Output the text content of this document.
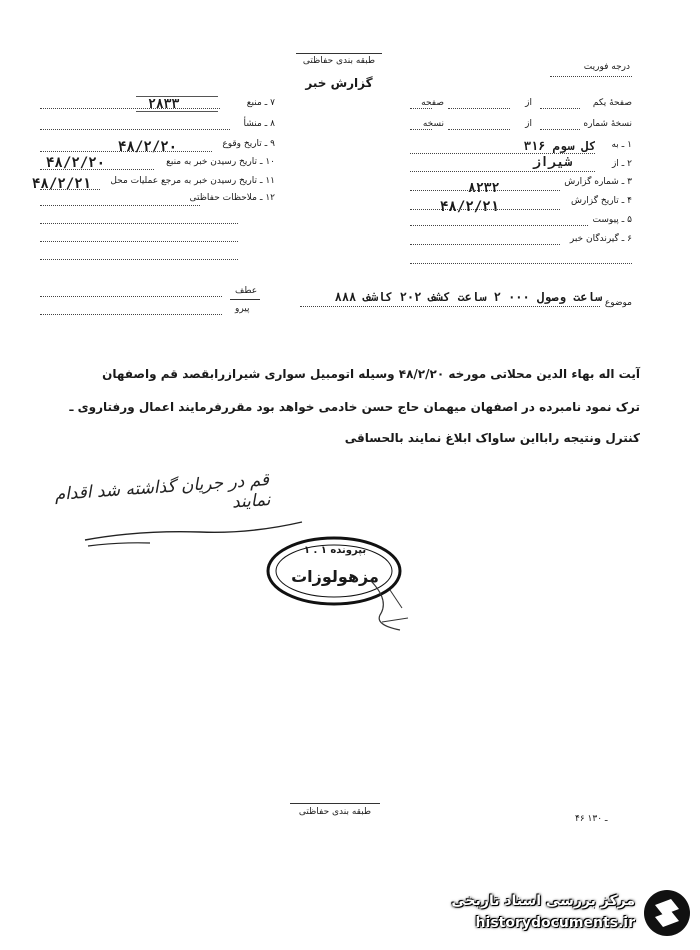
طبقه بندی حفاظتی
گزارش خبر
درجه فوریت
صفحهٔ یکم
از
صفحه
نسخهٔ شماره
از
نسخه
۱ ـ به
کل سوم ۳۱۶
۲ ـ از
شیراز
۳ ـ شماره گزارش
۸۲۳۲
۴ ـ تاریخ گزارش
۴۸/۲/۲۱
۵ ـ پیوست
۶ ـ گیرندگان خبر
۷ ـ منبع
۲۸۳۳
۸ ـ منشأ
۹ ـ تاریخ وقوع
۴۸/۲/۲۰
۱۰ ـ تاریخ رسیدن خبر به منبع
۴۸/۲/۲۰
۱۱ ـ تاریخ رسیدن خبر به مرجع عملیات محل
۴۸/۲/۲۱
۱۲ ـ ملاحظات حفاظتی
موضوع
ساعت وصول ۰۰۰ ۲ ساعت کشف ۲۰۲ کاشف ۸۸۸
عطف
پیرو
آیت اله بهاء الدین محلاتی مورخه ۴۸/۲/۲۰ وسیله اتومبیل سواری شیرازرابقصد قم واصفهان
ترک نمود نامبرده در اصفهان میهمان حاج حسن خادمی خواهد بود مقررفرمایند اعمال ورفتاروی ـ
کنترل ونتیجه رابااین ساواک ابلاغ نمایند بالحساقی
قم در جریان گذاشته شد اقدام نمایند
بپرونده ۱ . ۱
مزهولوزات
طبقه بندی حفاظتی
۴۶ ـ ۱۳۰
مرکز بررسی اسناد تاریخی
historydocuments.ir
